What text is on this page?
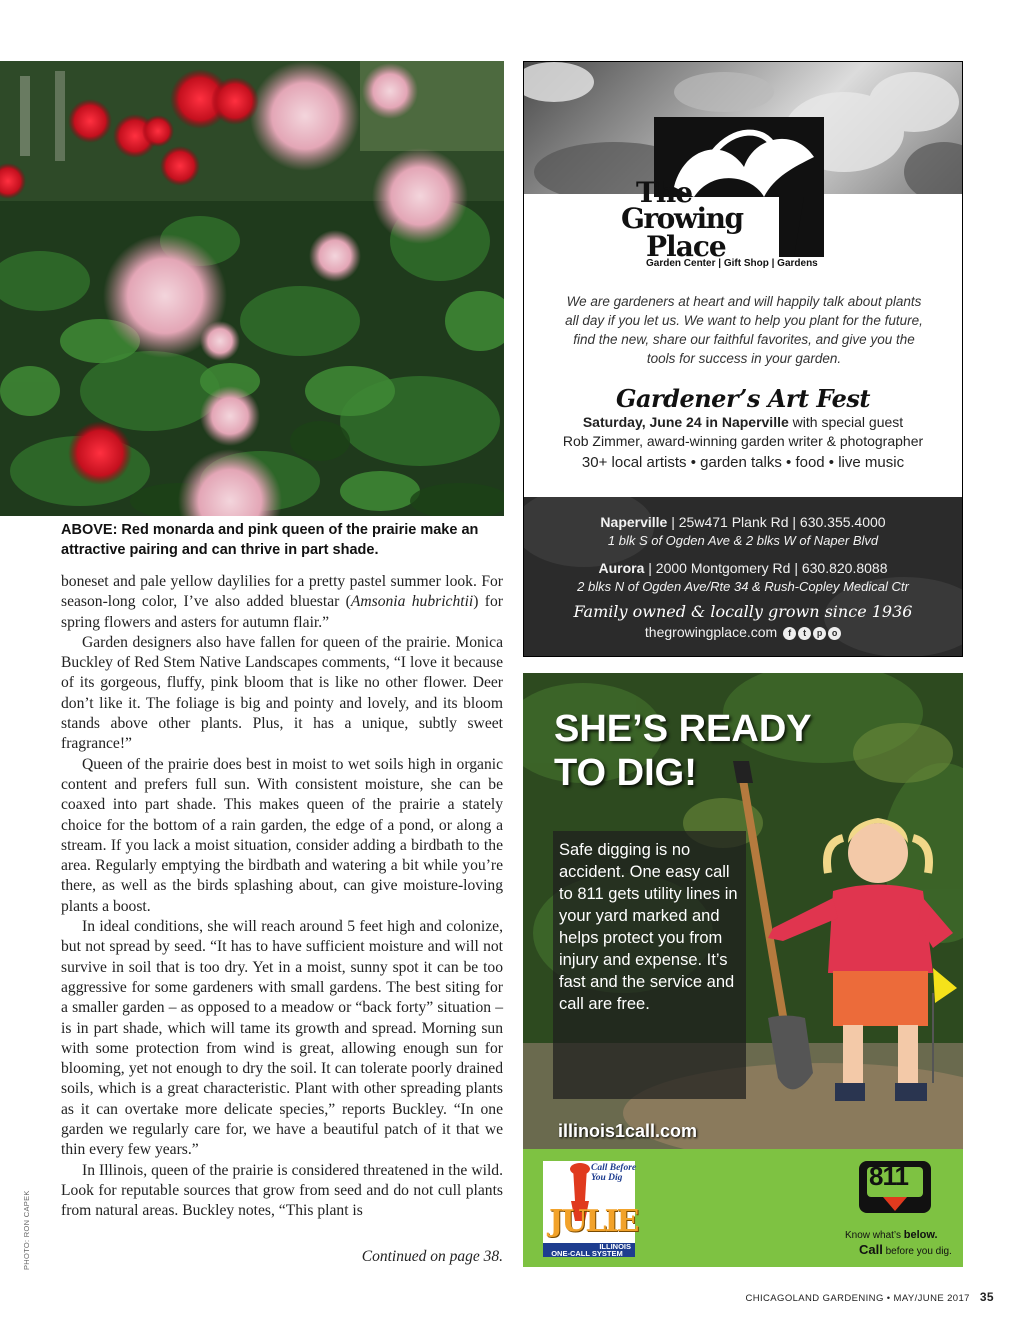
ABOVE: Red monarda and pink queen of the prairie make an attractive pairing and can thrive in part shade.

boneset and pale yellow daylilies for a pretty pastel summer look. For season-long color, I’ve also added bluestar (Amsonia hubrichtii) for spring flowers and asters for autumn flair.”

Garden designers also have fallen for queen of the prairie. Monica Buckley of Red Stem Native Landscapes comments, “I love it because of its gorgeous, fluffy, pink bloom that is like no other flower. Deer don’t like it. The foliage is big and pointy and lovely, and its bloom stands above other plants. Plus, it has a unique, subtly sweet fragrance!”

Queen of the prairie does best in moist to wet soils high in organic content and prefers full sun. With consistent moisture, she can be coaxed into part shade. This makes queen of the prairie a stately choice for the bottom of a rain garden, the edge of a pond, or along a stream. If you lack a moist situation, consider adding a birdbath to the area. Regularly emptying the birdbath and watering a bit while you’re there, as well as the birds splashing about, can give moisture-loving plants a boost.

In ideal conditions, she will reach around 5 feet high and colonize, but not spread by seed. “It has to have sufficient moisture and will not survive in soil that is too dry. Yet in a moist, sunny spot it can be too aggressive for some gardeners with small gardens. The best siting for a smaller garden – as opposed to a meadow or “back forty” situation – is in part shade, which will tame its growth and spread. Morning sun with some protection from wind is great, allowing enough sun for blooming, yet not enough to dry the soil. It can tolerate poorly drained soils, which is a great characteristic. Plant with other spreading plants as it can overtake more delicate species,” reports Buckley. “In one garden we regularly care for, we have a beautiful patch of it that we thin every few years.”

In Illinois, queen of the prairie is considered threatened in the wild. Look for reputable sources that grow from seed and do not cull plants from natural areas. Buckley notes, “This plant is

Continued on page 38.
PHOTO: RON CAPEK
The
Growing
Place
Garden Center | Gift Shop | Gardens
We are gardeners at heart and will happily talk about plants all day if you let us. We want to help you plant for the future, find the new, share our faithful favorites, and give you the tools for success in your garden.
Gardener’s Art Fest
Saturday, June 24 in Naperville with special guest
Rob Zimmer, award-winning garden writer & photographer
30+ local artists • garden talks • food • live music
Naperville | 25w471 Plank Rd | 630.355.4000
1 blk S of Ogden Ave & 2 blks W of Naper Blvd
Aurora | 2000 Montgomery Rd | 630.820.8088
2 blks N of Ogden Ave/Rte 34 & Rush-Copley Medical Ctr
Family owned & locally grown since 1936
thegrowingplace.com f t p o
SHE’S READY
TO DIG!
Safe digging is no accident. One easy call to 811 gets utility lines in your yard marked and helps protect you from injury and expense. It’s fast and the service and call are free.
illinois1call.com
Call Before You Dig
JULIE
ILLINOIS
ONE-CALL SYSTEM
811
Know what’s below.
Call before you dig.
CHICAGOLAND GARDENING • MAY/JUNE 2017 35
